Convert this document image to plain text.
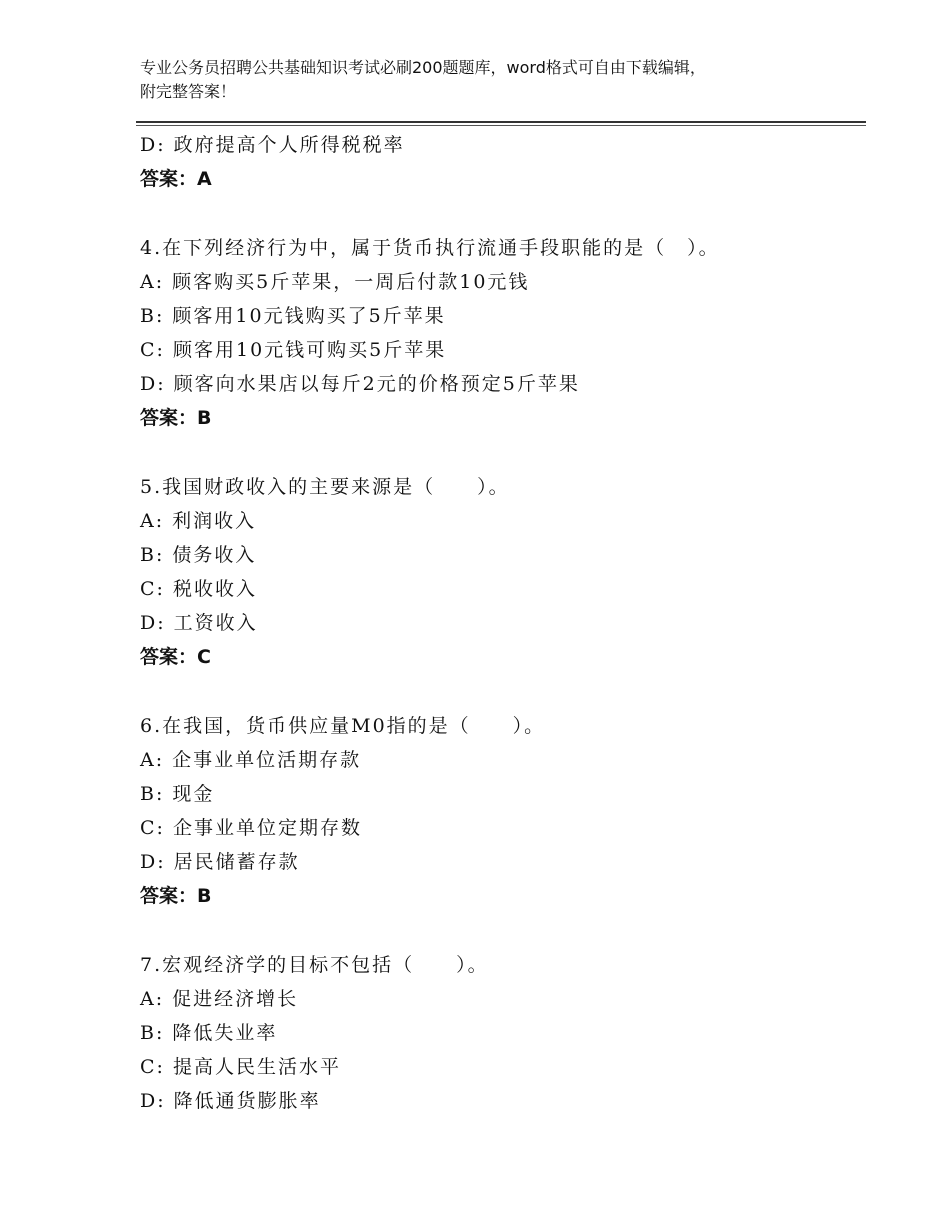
专业公务员招聘公共基础知识考试必刷200题题库，word格式可自由下载编辑，
附完整答案！
D: 政府提高个人所得税税率
答案：A
4.在下列经济行为中，属于货币执行流通手段职能的是（　）。
A: 顾客购买5斤苹果，一周后付款10元钱
B: 顾客用10元钱购买了5斤苹果
C: 顾客用10元钱可购买5斤苹果
D: 顾客向水果店以每斤2元的价格预定5斤苹果
答案：B
5.我国财政收入的主要来源是（　　）。
A: 利润收入
B: 债务收入
C: 税收收入
D: 工资收入
答案：C
6.在我国，货币供应量M0指的是（　　）。
A: 企事业单位活期存款
B: 现金
C: 企事业单位定期存数
D: 居民储蓄存款
答案：B
7.宏观经济学的目标不包括（　　）。
A: 促进经济增长
B: 降低失业率
C: 提高人民生活水平
D: 降低通货膨胀率
